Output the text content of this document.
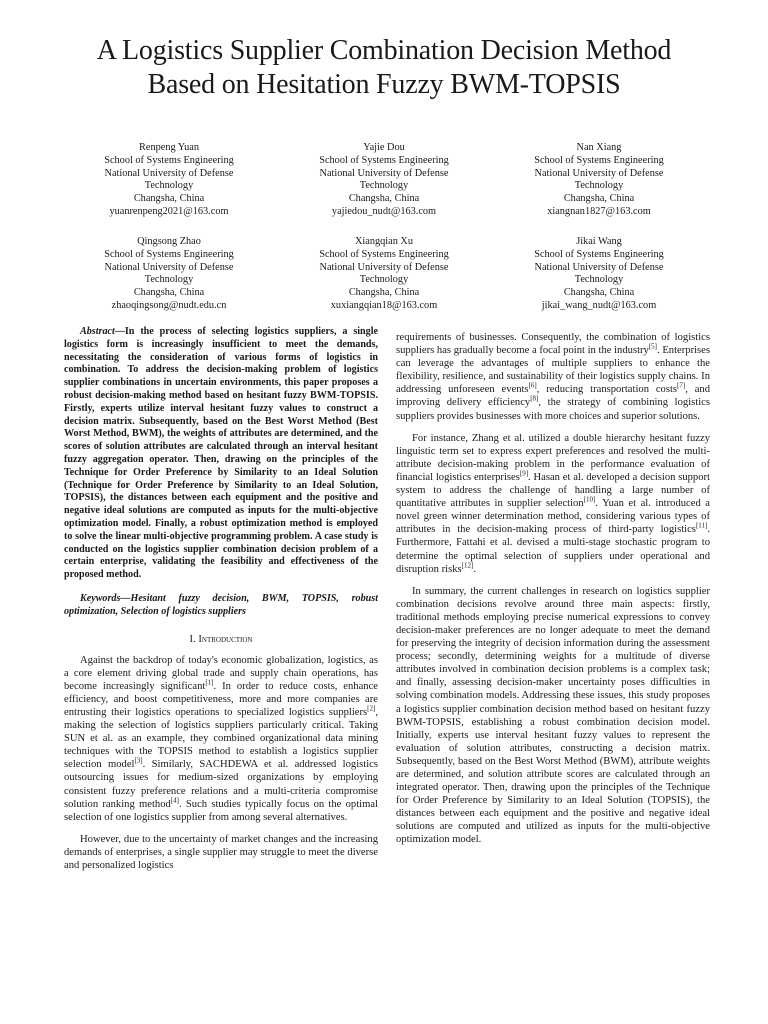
A Logistics Supplier Combination Decision Method
Based on Hesitation Fuzzy BWM-TOPSIS
Renpeng Yuan
School of Systems Engineering
National University of Defense
Technology
Changsha, China
yuanrenpeng2021@163.com
Yajie Dou
School of Systems Engineering
National University of Defense
Technology
Changsha, China
yajiedou_nudt@163.com
Nan Xiang
School of Systems Engineering
National University of Defense
Technology
Changsha, China
xiangnan1827@163.com
Qingsong Zhao
School of Systems Engineering
National University of Defense
Technology
Changsha, China
zhaoqingsong@nudt.edu.cn
Xiangqian Xu
School of Systems Engineering
National University of Defense
Technology
Changsha, China
xuxiangqian18@163.com
Jikai Wang
School of Systems Engineering
National University of Defense
Technology
Changsha, China
jikai_wang_nudt@163.com

Abstract—In the process of selecting logistics suppliers, a single logistics form is increasingly insufficient to meet the demands, necessitating the consideration of various forms of logistics in combination. To address the decision-making problem of logistics supplier combinations in uncertain environments, this paper proposes a robust decision-making method based on hesitant fuzzy BWM-TOPSIS. Firstly, experts utilize interval hesitant fuzzy values to construct a decision matrix. Subsequently, based on the Best Worst Method (Best Worst Method, BWM), the weights of attributes are determined, and the scores of solution attributes are calculated through an interval hesitant fuzzy aggregation operator. Then, drawing on the principles of the Technique for Order Preference by Similarity to an Ideal Solution (Technique for Order Preference by Similarity to an Ideal Solution, TOPSIS), the distances between each equipment and the positive and negative ideal solutions are computed as inputs for the multi-objective optimization model. Finally, a robust optimization method is employed to solve the linear multi-objective programming problem. A case study is conducted on the logistics supplier combination decision problem of a certain enterprise, validating the feasibility and effectiveness of the proposed method.

Keywords—Hesitant fuzzy decision, BWM, TOPSIS, robust optimization, Selection of logistics suppliers

I. Introduction

Against the backdrop of today's economic globalization, logistics, as a core element driving global trade and supply chain operations, has become increasingly significant[1]. In order to reduce costs, enhance efficiency, and boost competitiveness, more and more companies are entrusting their logistics operations to specialized logistics suppliers[2], making the selection of logistics suppliers particularly critical. Taking SUN et al. as an example, they combined organizational data mining techniques with the TOPSIS method to establish a logistics supplier selection model[3]. Similarly, SACHDEWA et al. addressed logistics outsourcing issues for medium-sized organizations by employing consistent fuzzy preference relations and a multi-criteria compromise solution ranking method[4]. Such studies typically focus on the optimal selection of one logistics supplier from among several alternatives.

However, due to the uncertainty of market changes and the increasing demands of enterprises, a single supplier may struggle to meet the diverse and personalized logistics

requirements of businesses. Consequently, the combination of logistics suppliers has gradually become a focal point in the industry[5]. Enterprises can leverage the advantages of multiple suppliers to enhance the flexibility, resilience, and sustainability of their logistics supply chains. In addressing unforeseen events[6], reducing transportation costs[7], and improving delivery efficiency[8], the strategy of combining logistics suppliers provides businesses with more choices and superior solutions.

For instance, Zhang et al. utilized a double hierarchy hesitant fuzzy linguistic term set to express expert preferences and resolved the multi-attribute decision-making problem in the performance evaluation of financial logistics enterprises[9]. Hasan et al. developed a decision support system to address the challenge of handling a large number of quantitative attributes in supplier selection[10]. Yuan et al. introduced a novel green winner determination method, considering various types of attributes in the decision-making process of third-party logistics[11]. Furthermore, Fattahi et al. devised a multi-stage stochastic program to determine the optimal selection of suppliers under operational and disruption risks[12].

In summary, the current challenges in research on logistics supplier combination decisions revolve around three main aspects: firstly, traditional methods employing precise numerical expressions to convey decision-maker preferences are no longer adequate to meet the demand for preserving the integrity of decision information during the assessment process; secondly, determining weights for a multitude of diverse attributes involved in combination decision problems is a complex task; and finally, assessing decision-maker uncertainty poses difficulties in solving combination models. Addressing these issues, this study proposes a logistics supplier combination decision method based on hesitant fuzzy BWM-TOPSIS, establishing a robust combination decision model. Initially, experts use interval hesitant fuzzy values to represent the evaluation of solution attributes, constructing a decision matrix. Subsequently, based on the Best Worst Method (BWM), attribute weights are determined, and solution attribute scores are calculated through an integrated operator. Then, drawing upon the principles of the Technique for Order Preference by Similarity to an Ideal Solution (TOPSIS), the distances between each equipment and the positive and negative ideal solutions are computed and utilized as inputs for the multi-objective optimization model.
